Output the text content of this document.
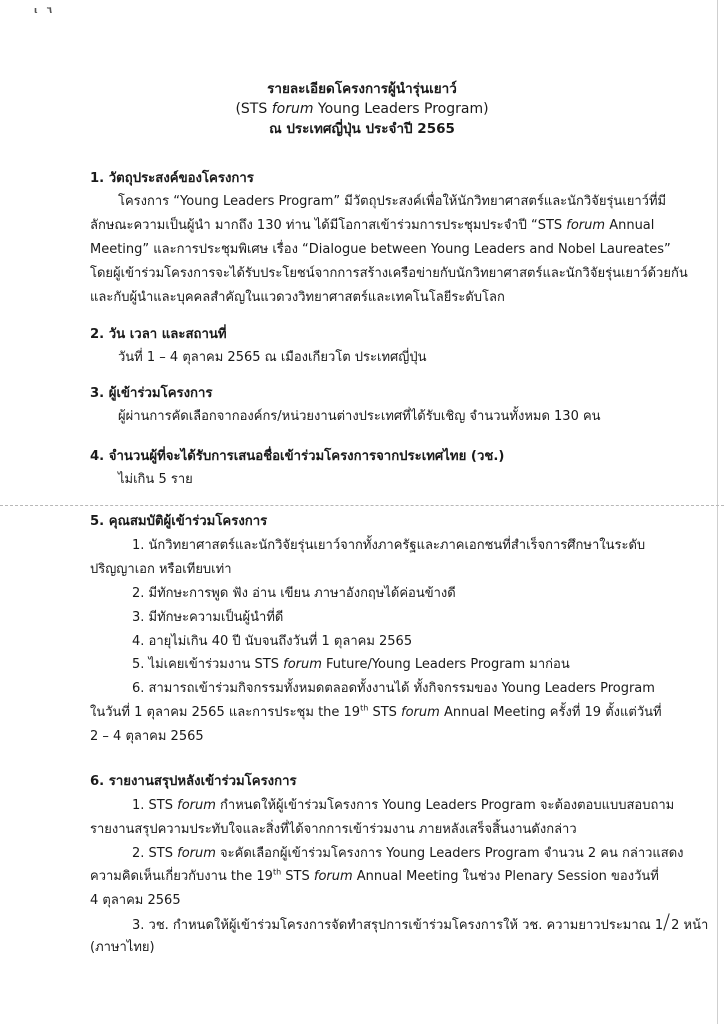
ι ٦
รายละเอียดโครงการผู้นำรุ่นเยาว์
(STS forum Young Leaders Program)
ณ ประเทศญี่ปุ่น ประจำปี 2565
1. วัตถุประสงค์ของโครงการ
โครงการ “Young Leaders Program” มีวัตถุประสงค์เพื่อให้นักวิทยาศาสตร์และนักวิจัยรุ่นเยาว์ที่มี
ลักษณะความเป็นผู้นำ มากถึง 130 ท่าน ได้มีโอกาสเข้าร่วมการประชุมประจำปี “STS forum Annual
Meeting” และการประชุมพิเศษ เรื่อง “Dialogue between Young Leaders and Nobel Laureates”
โดยผู้เข้าร่วมโครงการจะได้รับประโยชน์จากการสร้างเครือข่ายกับนักวิทยาศาสตร์และนักวิจัยรุ่นเยาว์ด้วยกัน
และกับผู้นำและบุคคลสำคัญในแวดวงวิทยาศาสตร์และเทคโนโลยีระดับโลก
2. วัน เวลา และสถานที่
วันที่ 1 – 4 ตุลาคม 2565 ณ เมืองเกียวโต ประเทศญี่ปุ่น
3. ผู้เข้าร่วมโครงการ
ผู้ผ่านการคัดเลือกจากองค์กร/หน่วยงานต่างประเทศที่ได้รับเชิญ จำนวนทั้งหมด 130 คน
4. จำนวนผู้ที่จะได้รับการเสนอชื่อเข้าร่วมโครงการจากประเทศไทย (วช.)
ไม่เกิน 5 ราย
5. คุณสมบัติผู้เข้าร่วมโครงการ
1. นักวิทยาศาสตร์และนักวิจัยรุ่นเยาว์จากทั้งภาครัฐและภาคเอกชนที่สำเร็จการศึกษาในระดับ
ปริญญาเอก หรือเทียบเท่า
2. มีทักษะการพูด ฟัง อ่าน เขียน ภาษาอังกฤษได้ค่อนข้างดี
3. มีทักษะความเป็นผู้นำที่ดี
4. อายุไม่เกิน 40 ปี นับจนถึงวันที่ 1 ตุลาคม 2565
5. ไม่เคยเข้าร่วมงาน STS forum Future/Young Leaders Program มาก่อน
6. สามารถเข้าร่วมกิจกรรมทั้งหมดตลอดทั้งงานได้ ทั้งกิจกรรมของ Young Leaders Program
ในวันที่ 1 ตุลาคม 2565 และการประชุม the 19th STS forum Annual Meeting ครั้งที่ 19 ตั้งแต่วันที่
2 – 4 ตุลาคม 2565
6. รายงานสรุปหลังเข้าร่วมโครงการ
1. STS forum กำหนดให้ผู้เข้าร่วมโครงการ Young Leaders Program จะต้องตอบแบบสอบถาม
รายงานสรุปความประทับใจและสิ่งที่ได้จากการเข้าร่วมงาน ภายหลังเสร็จสิ้นงานดังกล่าว
2. STS forum จะคัดเลือกผู้เข้าร่วมโครงการ Young Leaders Program จำนวน 2 คน กล่าวแสดง
ความคิดเห็นเกี่ยวกับงาน the 19th STS forum Annual Meeting ในช่วง Plenary Session ของวันที่
4 ตุลาคม 2565
3. วช. กำหนดให้ผู้เข้าร่วมโครงการจัดทำสรุปการเข้าร่วมโครงการให้ วช. ความยาวประมาณ 1 2 หน้า
(ภาษาไทย)
